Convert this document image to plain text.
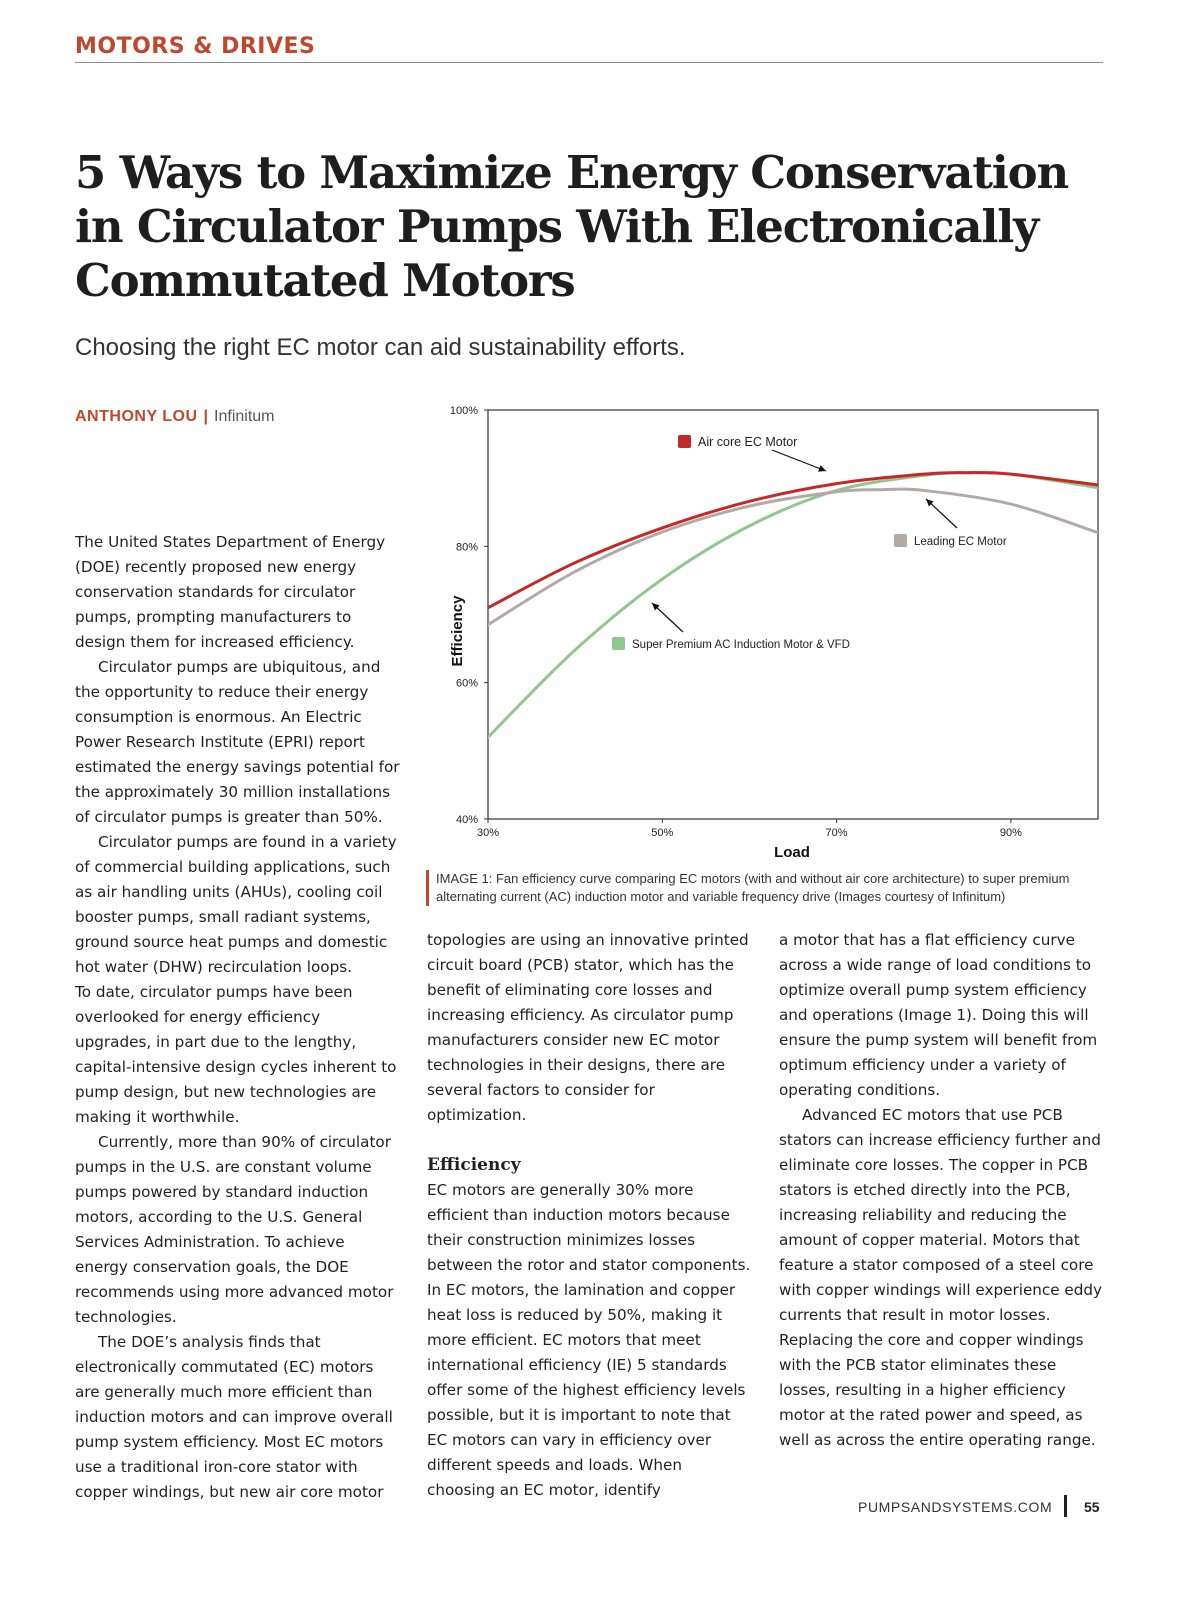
MOTORS & DRIVES
5 Ways to Maximize Energy Conservation in Circulator Pumps With Electronically Commutated Motors

Choosing the right EC motor can aid sustainability efforts.

ANTHONY LOU | Infinitum

The United States Department of Energy (DOE) recently proposed new energy conservation standards for circulator pumps, prompting manufacturers to design them for increased efficiency.

Circulator pumps are ubiquitous, and the opportunity to reduce their energy consumption is enormous. An Electric Power Research Institute (EPRI) report estimated the energy savings potential for the approximately 30 million installations of circulator pumps is greater than 50%.

Circulator pumps are found in a variety of commercial building applications, such as air handling units (AHUs), cooling coil booster pumps, small radiant systems, ground source heat pumps and domestic hot water (DHW) recirculation loops.

To date, circulator pumps have been overlooked for energy efficiency upgrades, in part due to the lengthy, capital-intensive design cycles inherent to pump design, but new technologies are making it worthwhile.

Currently, more than 90% of circulator pumps in the U.S. are constant volume pumps powered by standard induction motors, according to the U.S. General Services Administration. To achieve energy conservation goals, the DOE recommends using more advanced motor technologies.

The DOE’s analysis finds that electronically commutated (EC) motors are generally much more efficient than induction motors and can improve overall pump system efficiency. Most EC motors use a traditional iron-core stator with copper windings, but new air core motor

topologies are using an innovative printed circuit board (PCB) stator, which has the benefit of eliminating core losses and increasing efficiency. As circulator pump manufacturers consider new EC motor technologies in their designs, there are several factors to consider for optimization.

Efficiency

EC motors are generally 30% more efficient than induction motors because their construction minimizes losses between the rotor and stator components. In EC motors, the lamination and copper heat loss is reduced by 50%, making it more efficient. EC motors that meet international efficiency (IE) 5 standards offer some of the highest efficiency levels possible, but it is important to note that EC motors can vary in efficiency over different speeds and loads. When choosing an EC motor, identify

a motor that has a flat efficiency curve across a wide range of load conditions to optimize overall pump system efficiency and operations (Image 1). Doing this will ensure the pump system will benefit from optimum efficiency under a variety of operating conditions.

Advanced EC motors that use PCB stators can increase efficiency further and eliminate core losses. The copper in PCB stators is etched directly into the PCB, increasing reliability and reducing the amount of copper material. Motors that feature a stator composed of a steel core with copper windings will experience eddy currents that result in motor losses. Replacing the core and copper windings with the PCB stator eliminates these losses, resulting in a higher efficiency motor at the rated power and speed, as well as across the entire operating range.

Efficiency
Load
40%
60%
80%
100%
30%	50%	70%	90%
Air core EC Motor
Leading EC Motor
Super Premium AC Induction Motor & VFD
IMAGE 1: Fan efficiency curve comparing EC motors (with and without air core architecture) to super premium alternating current (AC) induction motor and variable frequency drive (Images courtesy of Infinitum)
PUMPSANDSYSTEMS.COM 55
